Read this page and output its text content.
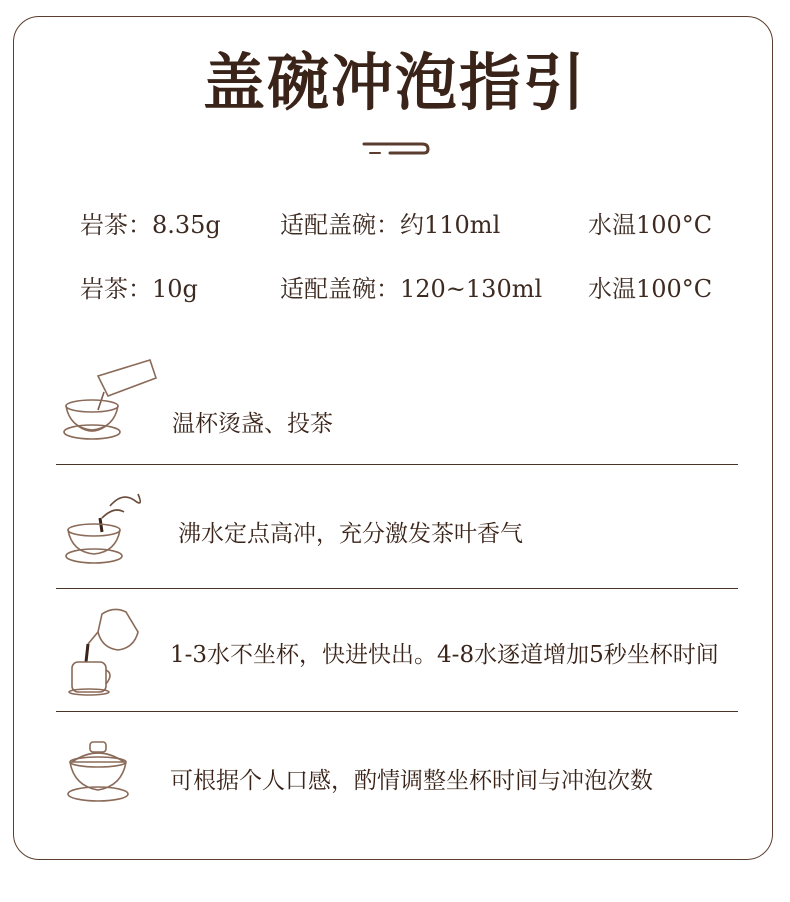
盖碗冲泡指引
岩茶：8.35g 适配盖碗：约110ml	水温100°C
岩茶：10g	适配盖碗：120~130ml 水温100°C
温杯烫盏、投茶
沸水定点高冲，充分激发茶叶香气
1-3水不坐杯，快进快出。4-8水逐道增加5秒坐杯时间
可根据个人口感，酌情调整坐杯时间与冲泡次数
